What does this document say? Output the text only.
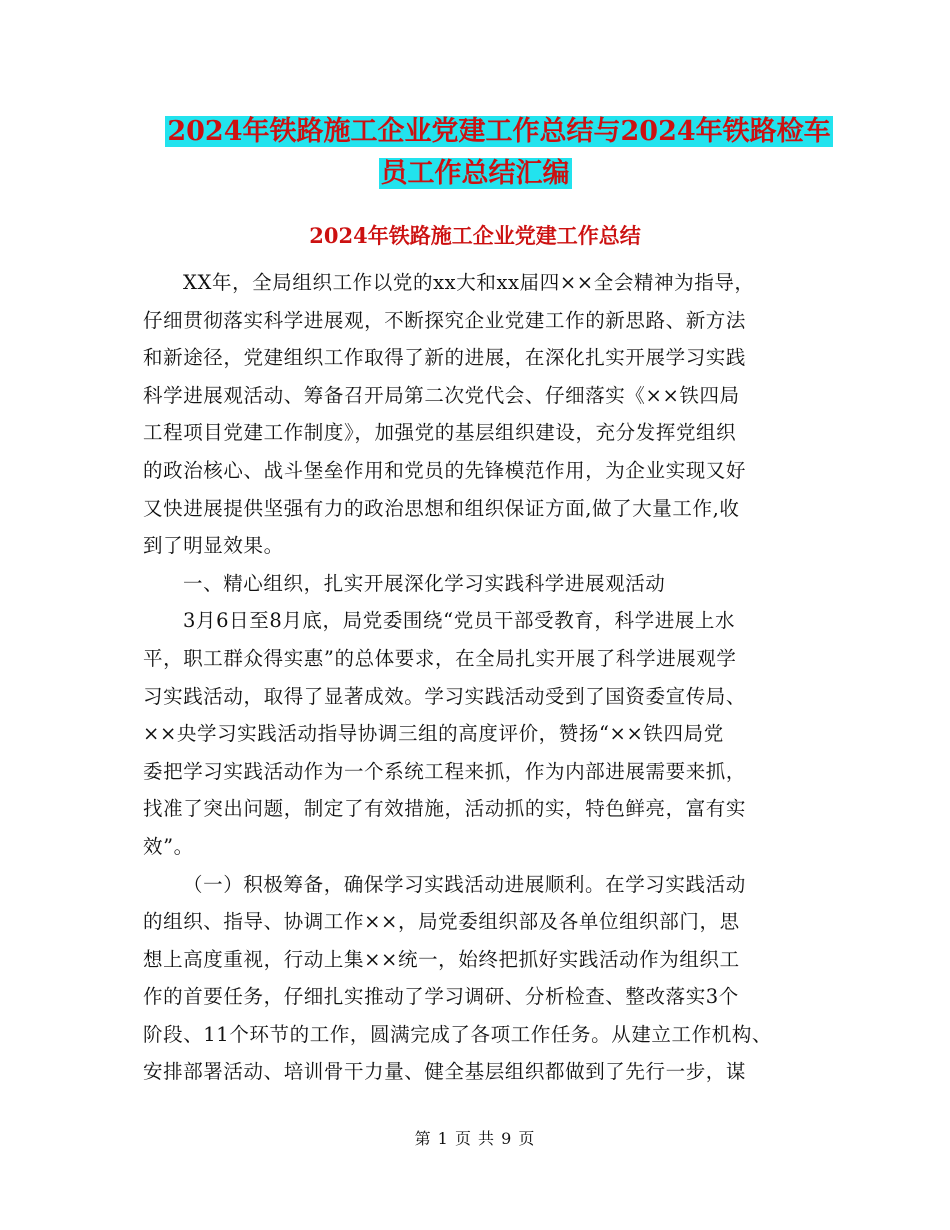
2024年铁路施工企业党建工作总结与2024年铁路检车
员工作总结汇编
2024年铁路施工企业党建工作总结
XX年，全局组织工作以党的xx大和xx届四××全会精神为指导，
仔细贯彻落实科学进展观，不断探究企业党建工作的新思路、新方法
和新途径，党建组织工作取得了新的进展，在深化扎实开展学习实践
科学进展观活动、筹备召开局第二次党代会、仔细落实《××铁四局
工程项目党建工作制度》，加强党的基层组织建设，充分发挥党组织
的政治核心、战斗堡垒作用和党员的先锋模范作用，为企业实现又好
又快进展提供坚强有力的政治思想和组织保证方面,做了大量工作,收
到了明显效果。
一、精心组织，扎实开展深化学习实践科学进展观活动
3月6日至8月底，局党委围绕“党员干部受教育，科学进展上水
平，职工群众得实惠”的总体要求，在全局扎实开展了科学进展观学
习实践活动，取得了显著成效。学习实践活动受到了国资委宣传局、
××央学习实践活动指导协调三组的高度评价，赞扬“××铁四局党
委把学习实践活动作为一个系统工程来抓，作为内部进展需要来抓，
找准了突出问题，制定了有效措施，活动抓的实，特色鲜亮，富有实
效”。
（一）积极筹备，确保学习实践活动进展顺利。在学习实践活动
的组织、指导、协调工作××，局党委组织部及各单位组织部门，思
想上高度重视，行动上集××统一，始终把抓好实践活动作为组织工
作的首要任务，仔细扎实推动了学习调研、分析检查、整改落实3个
阶段、11个环节的工作，圆满完成了各项工作任务。从建立工作机构、
安排部署活动、培训骨干力量、健全基层组织都做到了先行一步，谋
第 1 页 共 9 页
